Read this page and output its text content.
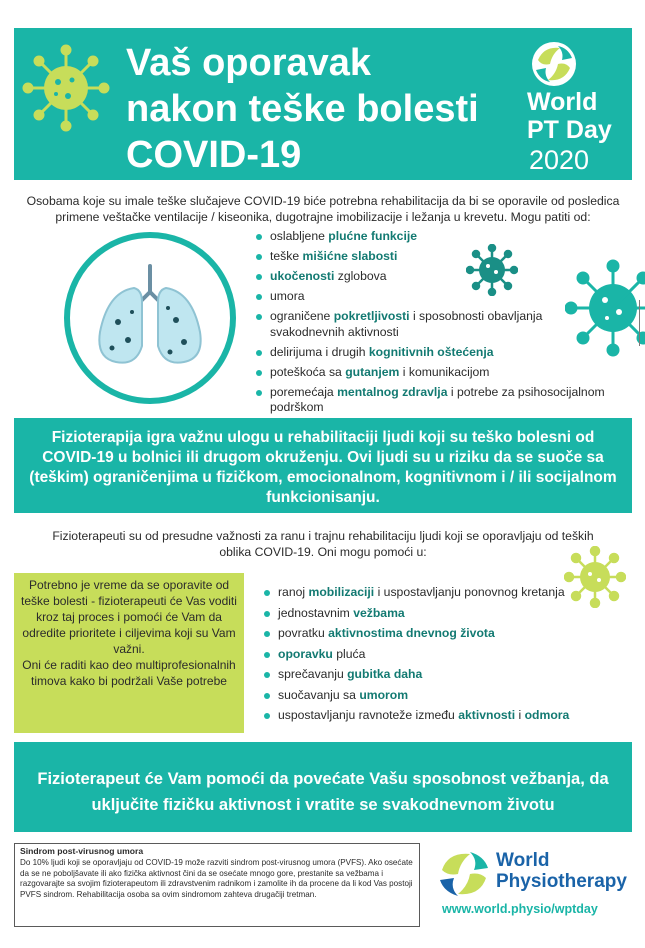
Vaš oporavak
nakon teške bolesti
COVID-19
World
PT Day
2020

Osobama koje su imale teške slučajeve COVID-19 biće potrebna rehabilitacija da bi se oporavile od posledica primene veštačke ventilacije / kiseonika, dugotrajne imobilizacije i ležanja u krevetu. Mogu patiti od:

oslabljene plućne funkcije
teške mišićne slabosti
ukočenosti zglobova
umora
ograničene pokretljivosti i sposobnosti obavljanja svakodnevnih aktivnosti
delirijuma i drugih kognitivnih oštećenja
poteškoća sa gutanjem i komunikacijom
poremećaja mentalnog zdravlja i potrebe za psihosocijalnom podrškom

Fizioterapija igra važnu ulogu u rehabilitaciji ljudi koji su teško bolesni od COVID-19 u bolnici ili drugom okruženju. Ovi ljudi su u riziku da se suoče sa (teškim) ograničenjima u fizičkom, emocionalnom, kognitivnom i / ili socijalnom funkcionisanju.

Fizioterapeuti su od presudne važnosti za ranu i trajnu rehabilitaciju ljudi koji se oporavljaju od teških oblika COVID-19. Oni mogu pomoći u:

Potrebno je vreme da se oporavite od teške bolesti - fizioterapeuti će Vas voditi kroz taj proces i pomoći će Vam da odredite prioritete i ciljevima koji su Vam važni.
Oni će raditi kao deo multiprofesionalnih timova kako bi podržali Vaše potrebe
ranoj mobilizaciji i uspostavljanju ponovnog kretanja
jednostavnim vežbama
povratku aktivnostima dnevnog života
oporavku pluća
sprečavanju gubitka daha
suočavanju sa umorom
uspostavljanju ravnoteže između aktivnosti i odmora

Fizioterapeut će Vam pomoći da povećate Vašu sposobnost vežbanja, da uključite fizičku aktivnost i vratite se svakodnevnom životu

Sindrom post-virusnog umora

Do 10% ljudi koji se oporavljaju od COVID-19 može razviti sindrom post-virusnog umora (PVFS). Ako osećate da se ne poboljšavate ili ako fizička aktivnost čini da se osećate mnogo gore, prestanite sa vežbama i razgovarajte sa svojim fizioterapeutom ili zdravstvenim radnikom i zamolite ih da procene da li kod Vas postoji PVFS sindrom. Rehabilitacija osoba sa ovim sindromom zahteva drugačiji tretman.

World
Physiotherapy
www.world.physio/wptday
